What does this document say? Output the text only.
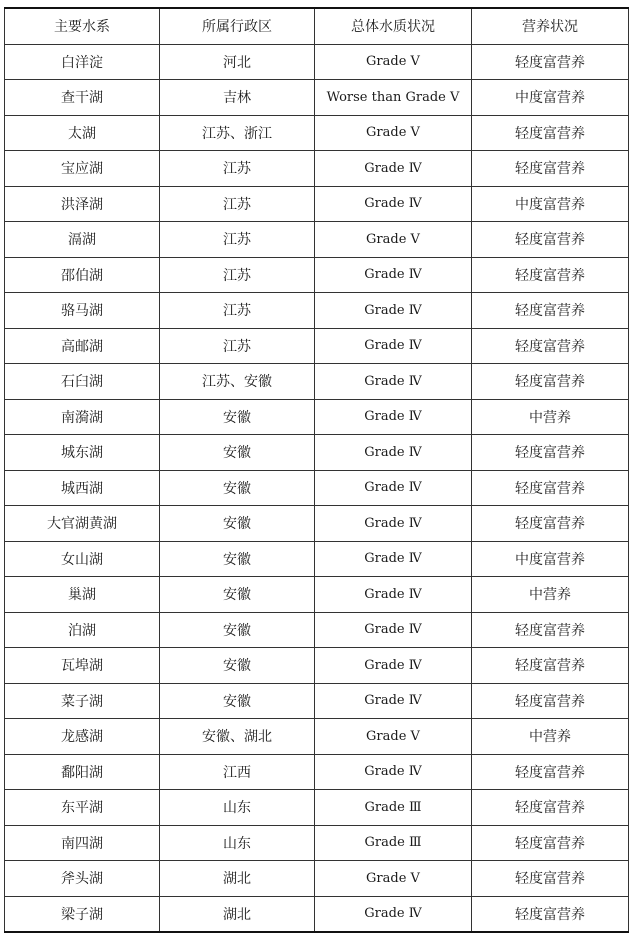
主要水系	所属行政区	总体水质状况	营养状况
白洋淀	河北	Grade Ⅴ	轻度富营养
查干湖	吉林	Worse than Grade Ⅴ	中度富营养
太湖	江苏、浙江	Grade Ⅴ	轻度富营养
宝应湖	江苏	Grade Ⅳ	轻度富营养
洪泽湖	江苏	Grade Ⅳ	中度富营养
滆湖	江苏	Grade Ⅴ	轻度富营养
邵伯湖	江苏	Grade Ⅳ	轻度富营养
骆马湖	江苏	Grade Ⅳ	轻度富营养
高邮湖	江苏	Grade Ⅳ	轻度富营养
石臼湖	江苏、安徽	Grade Ⅳ	轻度富营养
南漪湖	安徽	Grade Ⅳ	中营养
城东湖	安徽	Grade Ⅳ	轻度富营养
城西湖	安徽	Grade Ⅳ	轻度富营养
大官湖黄湖	安徽	Grade Ⅳ	轻度富营养
女山湖	安徽	Grade Ⅳ	中度富营养
巢湖	安徽	Grade Ⅳ	中营养
泊湖	安徽	Grade Ⅳ	轻度富营养
瓦埠湖	安徽	Grade Ⅳ	轻度富营养
菜子湖	安徽	Grade Ⅳ	轻度富营养
龙感湖	安徽、湖北	Grade Ⅴ	中营养
鄱阳湖	江西	Grade Ⅳ	轻度富营养
东平湖	山东	Grade Ⅲ	轻度富营养
南四湖	山东	Grade Ⅲ	轻度富营养
斧头湖	湖北	Grade Ⅴ	轻度富营养
梁子湖	湖北	Grade Ⅳ	轻度富营养
